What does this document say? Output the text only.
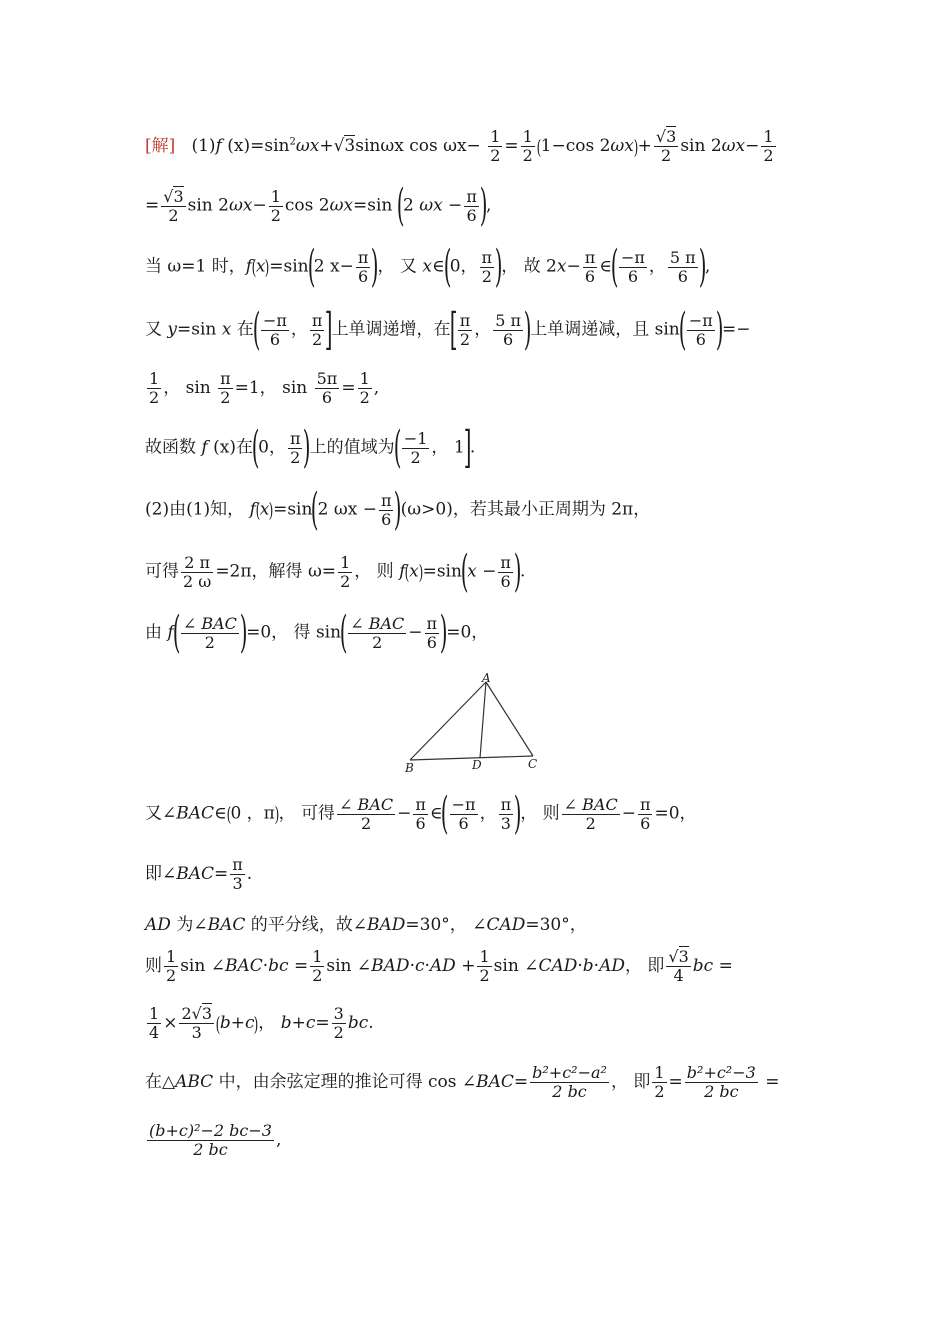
[解] (1)f $(x)=\sin^2\omega x+√3\sin\omega x$ $\cos \omega x- \frac{1}{2} = \frac{1}{2} (1-\cos$ $2\omega x)+ \frac{√3}{2}$ $\sin 2\omega x- \frac{1}{2}$
= $\frac{√3}{2}$ $\sin 2\omega x- \frac{1}{2}$ cos 2ωx=sin (2 $\omega x - \frac{\pi}{6}$ ),
当 ω=1 时，f(x)=sin(2 $x- \frac{\pi}{6}$ )， 又 x∈(0， $\frac{\pi}{2}$ )， 故 $2x- \frac{\pi}{6}$ ∈( $\frac{-\pi}{6}$ ， $\frac{5 \pi}{6}$ ),
又 y=sin x 在( $\frac{-\pi}{6}$ ， $\frac{\pi}{2}$ ]上单调递增，在[ $\frac{\pi}{2}$ ， $\frac{5 \pi}{6}$ )上单调递减，且 $\sin( \frac{-\pi}{6}$ )=−
$\frac{1}{2}$ ， $\sin \frac{\pi}{2} =1$， $\sin \frac{5\pi}{6} = \frac{1}{2}$ ,
故函数 f (x)在(0， $\frac{\pi}{2}$ )上的值域为( $\frac{-1}{2}$ ， 1].
(2)由(1)知， f(x)=sin(2 $\omega x - \frac{\pi}{6} )(\omega>0)$，若其最小正周期为 2π，
可得 $\frac{2 \pi}{2 \omega} =2\pi$，解得 $\omega= \frac{1}{2}$ ， 则 $f(x)=\sin(x - \frac{\pi}{6}$ ).
由 $f( \frac{\text{∠ BAC}}{2} )=0$， 得 $\sin( \frac{\text{∠ BAC}}{2} - \frac{\pi}{6} )=0$，
A
B	D	C
又∠BAC∈(0 ，π)， 可得 $\frac{\text{∠ BAC}}{2} - \frac{\pi}{6}$ ∈( $\frac{-\pi}{6}$ ， $\frac{\pi}{3}$ )， 则 $\frac{\text{∠ BAC}}{2} - \frac{\pi}{6} =0$，
即∠BAC= $\frac{\pi}{3}$ .
AD 为∠BAC 的平分线，故∠BAD=30°， ∠CAD=30°，
则 $\frac{1}{2}$ sin ∠BAC·bc = $\frac{1}{2}$ sin ∠BAD·c·AD + $\frac{1}{2}$ sin ∠CAD·b·AD， 即 $\frac{√3}{4}$ bc =
$\frac{1}{4} \times \frac{2√3}{3} (b+c)$， $b+c= \frac{3}{2}$ bc.
在△ABC 中，由余弦定理的推论可得 cos ∠BAC= $\frac{\text{b²+c²−a²}}{2 bc}$ ， 即 $\frac{1}{2} = \frac{\text{b²+c²−3}}{2 bc}$ =
$\frac{\text{(b+c)²−2 bc−3}}{2 bc}$ ,
